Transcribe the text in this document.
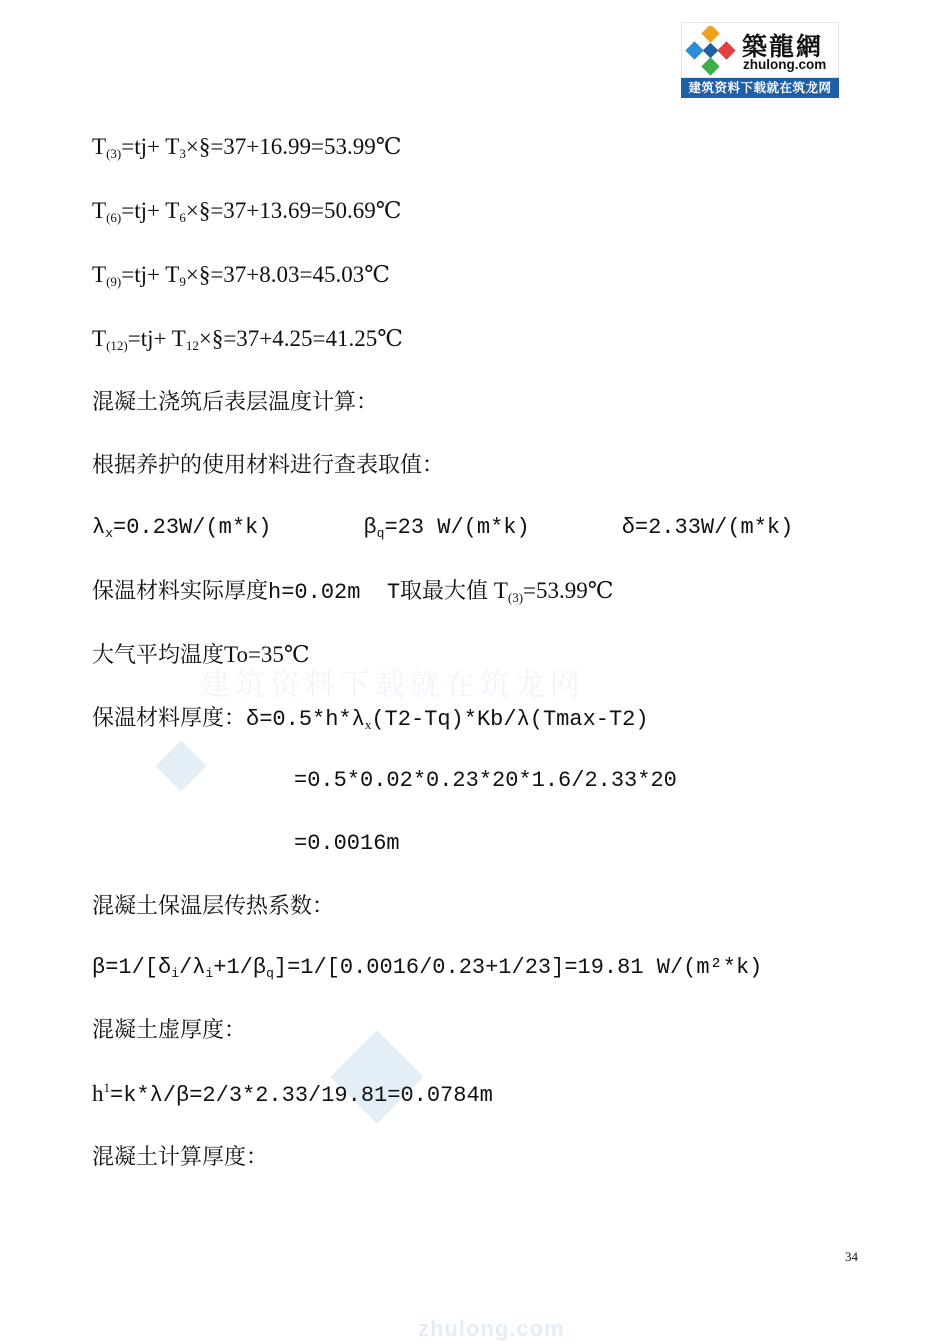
築龍網
zhulong.com
建筑资料下载就在筑龙网
建筑资料下载就在筑龙网
$T_{(3)}=tj+$ $T_3\times\S=37+16.99=53.99℃$
$T_{(6)}=tj+$ $T_6\times\S=37+13.69=50.69℃$
$T_{(9)}=tj+$ $T_9\times\S=37+8.03=45.03℃$
$T_{(12)}=tj+$ $T_{12}\times\S=37+4.25=41.25℃$
混凝土浇筑后表层温度计算：
根据养护的使用材料进行查表取值：
$\lambda_x=0.23W/(m*k)$	$\beta_q=23$ W/(m*k)	δ=2.33W/(m*k)
保温材料实际厚度h=0.02m  T取最大值 $T_{(3)}=53.99℃$
大气平均温度To=35℃
保温材料厚度：$\delta=0.5*h*\lambda_x(T2-Tq)*Kb/\lambda(Tmax-T2)$
=0.5*0.02*0.23*20*1.6/2.33*20
=0.0016m
混凝土保温层传热系数：
$\beta=1/[\delta_i/\lambda_i+1/\beta_q]=1/[0.0016/0.23+1/23]=19.81$ W/(m²*k)
混凝土虚厚度：
$h^1=k*\lambda/\beta=2/3*2.33/19.81=0.0784m$
混凝土计算厚度：
34
zhulong.com
